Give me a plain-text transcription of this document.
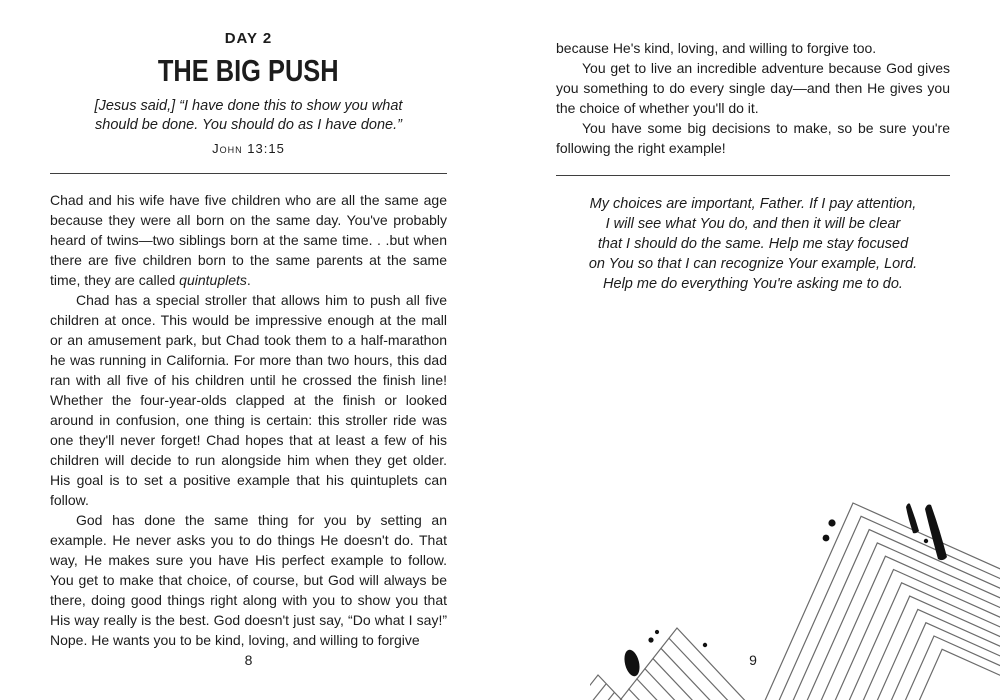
DAY 2
THE BIG PUSH
[Jesus said,] “I have done this to show you what
should be done. You should do as I have done.”
John 13:15

Chad and his wife have five children who are all the same age because they were all born on the same day. You've probably heard of twins—two siblings born at the same time. . .but when there are five children born to the same parents at the same time, they are called quintuplets.

Chad has a special stroller that allows him to push all five children at once. This would be impressive enough at the mall or an amusement park, but Chad took them to a half-marathon he was running in California. For more than two hours, this dad ran with all five of his children until he crossed the finish line! Whether the four-year-olds clapped at the finish or looked around in confusion, one thing is certain: this stroller ride was one they'll never forget! Chad hopes that at least a few of his children will decide to run alongside him when they get older. His goal is to set a positive example that his quintuplets can follow.

God has done the same thing for you by setting an example. He never asks you to do things He doesn't do. That way, He makes sure you have His perfect example to follow. You get to make that choice, of course, but God will always be there, doing good things right along with you to show you that His way really is the best. God doesn't just say, “Do what I say!” Nope. He wants you to be kind, loving, and willing to forgive

8

because He's kind, loving, and willing to forgive too.

You get to live an incredible adventure because God gives you something to do every single day—and then He gives you the choice of whether you'll do it.

You have some big decisions to make, so be sure you're following the right example!

My choices are important, Father. If I pay attention,
I will see what You do, and then it will be clear
that I should do the same. Help me stay focused
on You so that I can recognize Your example, Lord.
Help me do everything You're asking me to do.
9
